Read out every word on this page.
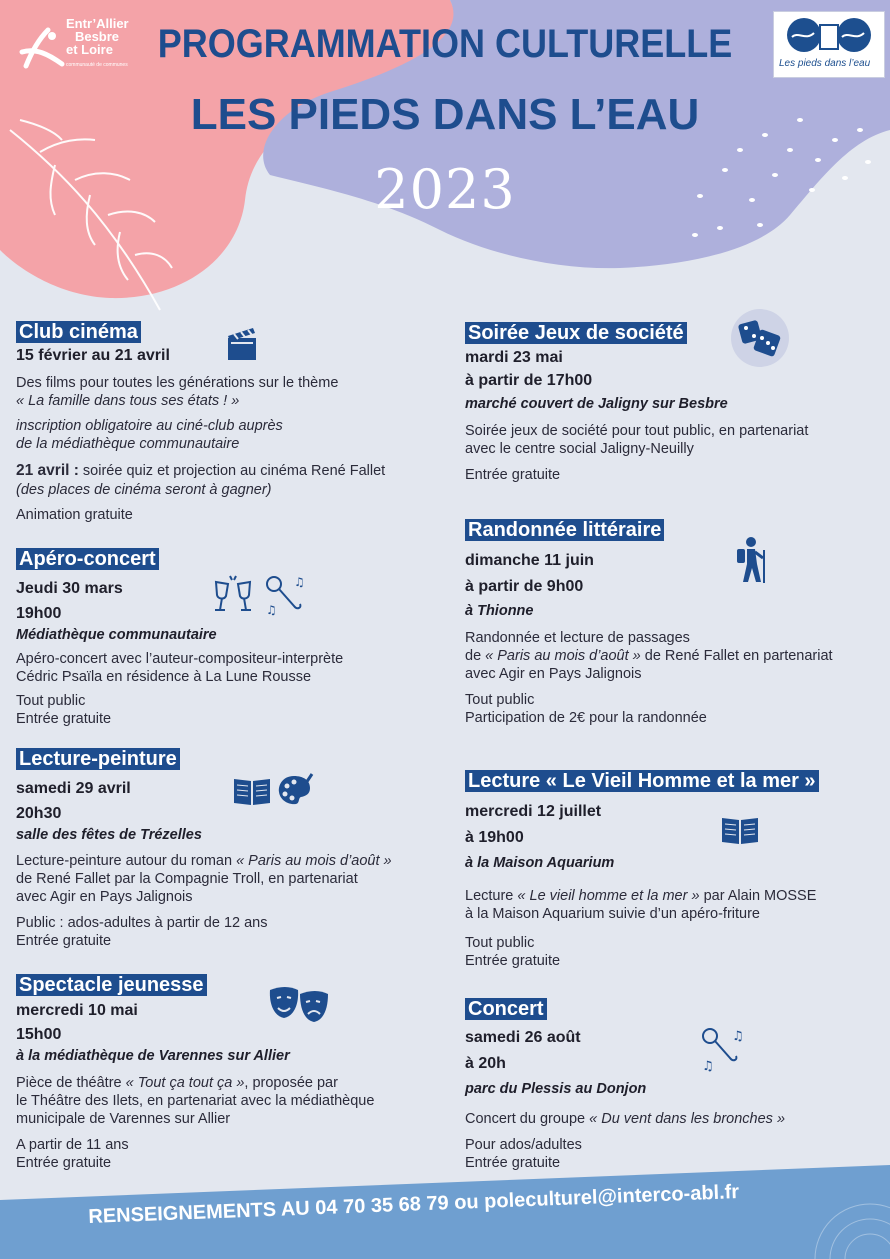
Entr’Allier
Besbre
et Loire
communauté de communes	Les pieds dans l’eau
PROGRAMMATION CULTURELLE
LES PIEDS DANS L’EAU
2023
Club cinéma
15 février au 21 avril
Des films pour toutes les générations sur le thème
« La famille dans tous ses états ! »
inscription obligatoire au ciné-club auprès
de la médiathèque communautaire
21 avril : soirée quiz et projection au cinéma René Fallet
(des places de cinéma seront à gagner)
Animation gratuite
Apéro-concert
Jeudi 30 mars
19h00
Médiathèque communautaire
Apéro-concert avec l’auteur-compositeur-interprète
Cédric Psaïla en résidence à La Lune Rousse
Tout public
Entrée gratuite
♫
♫
Lecture-peinture
samedi 29 avril
20h30
salle des fêtes de Trézelles
Lecture-peinture autour du roman « Paris au mois d’août »
de René Fallet par la Compagnie Troll, en partenariat
avec Agir en Pays Jalignois
Public : ados-adultes à partir de 12 ans
Entrée gratuite
Spectacle jeunesse
mercredi 10 mai
15h00
à la médiathèque de Varennes sur Allier
Pièce de théâtre « Tout ça tout ça », proposée par
le Théâtre des Ilets, en partenariat avec la médiathèque
municipale de Varennes sur Allier
A partir de 11 ans
Entrée gratuite
Soirée Jeux de société
mardi 23 mai
à partir de 17h00
marché couvert de Jaligny sur Besbre
Soirée jeux de société pour tout public, en partenariat
avec le centre social Jaligny-Neuilly
Entrée gratuite
Randonnée littéraire
dimanche 11 juin
à partir de 9h00
à Thionne
Randonnée et lecture de passages
de « Paris au mois d’août » de René Fallet en partenariat
avec Agir en Pays Jalignois
Tout public
Participation de 2€ pour la randonnée
Lecture « Le Vieil Homme et la mer »
mercredi 12 juillet
à 19h00
à la Maison Aquarium
Lecture « Le vieil homme et la mer » par Alain MOSSE
à la Maison Aquarium suivie d’un apéro-friture
Tout public
Entrée gratuite
Concert
samedi 26 août
à 20h
parc du Plessis au Donjon
Concert du groupe « Du vent dans les bronches »
Pour ados/adultes
Entrée gratuite
♫
♫
RENSEIGNEMENTS AU 04 70 35 68 79 ou poleculturel@interco-abl.fr
